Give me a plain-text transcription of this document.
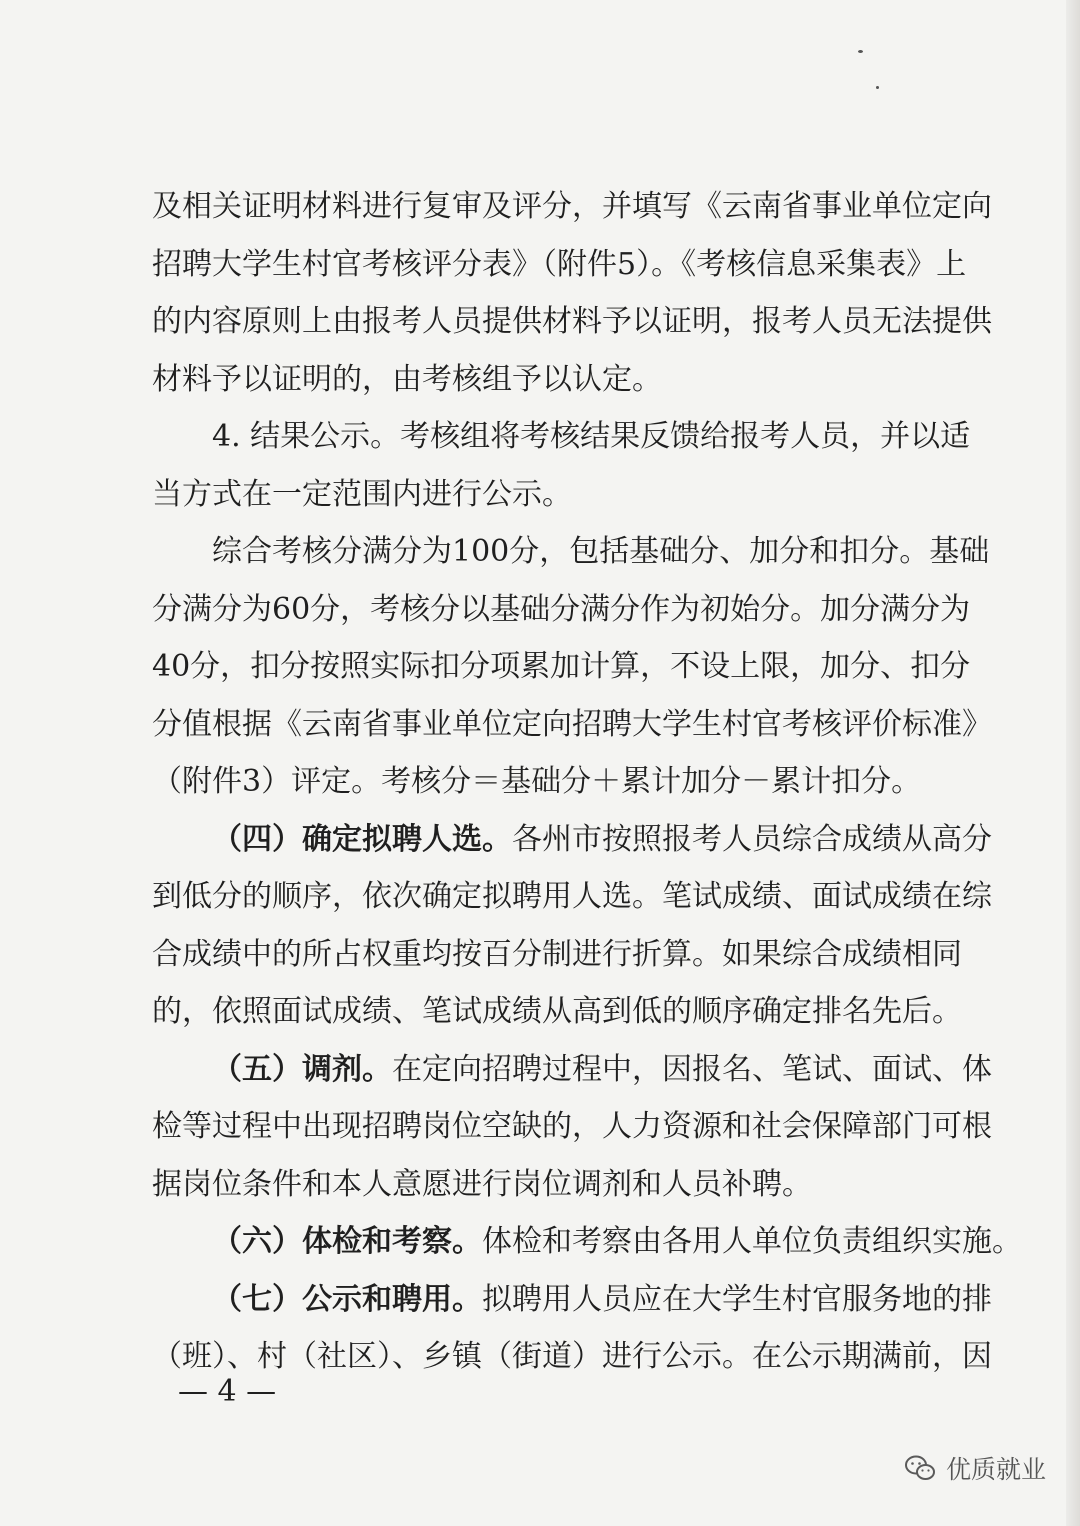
及相关证明材料进行复审及评分，并填写《云南省事业单位定向
招聘大学生村官考核评分表》（附件5）。《考核信息采集表》上
的内容原则上由报考人员提供材料予以证明，报考人员无法提供
材料予以证明的，由考核组予以认定。
4. 结果公示。考核组将考核结果反馈给报考人员，并以适
当方式在一定范围内进行公示。
综合考核分满分为100分，包括基础分、加分和扣分。基础
分满分为60分，考核分以基础分满分作为初始分。加分满分为
40分，扣分按照实际扣分项累加计算，不设上限，加分、扣分
分值根据《云南省事业单位定向招聘大学生村官考核评价标准》
（附件3）评定。考核分＝基础分＋累计加分－累计扣分。
（四）确定拟聘人选。各州市按照报考人员综合成绩从高分
到低分的顺序，依次确定拟聘用人选。笔试成绩、面试成绩在综
合成绩中的所占权重均按百分制进行折算。如果综合成绩相同
的，依照面试成绩、笔试成绩从高到低的顺序确定排名先后。
（五）调剂。在定向招聘过程中，因报名、笔试、面试、体
检等过程中出现招聘岗位空缺的，人力资源和社会保障部门可根
据岗位条件和本人意愿进行岗位调剂和人员补聘。
（六）体检和考察。体检和考察由各用人单位负责组织实施。
（七）公示和聘用。拟聘用人员应在大学生村官服务地的排
（班）、村（社区）、乡镇（街道）进行公示。在公示期满前，因
— 4 —
优质就业
